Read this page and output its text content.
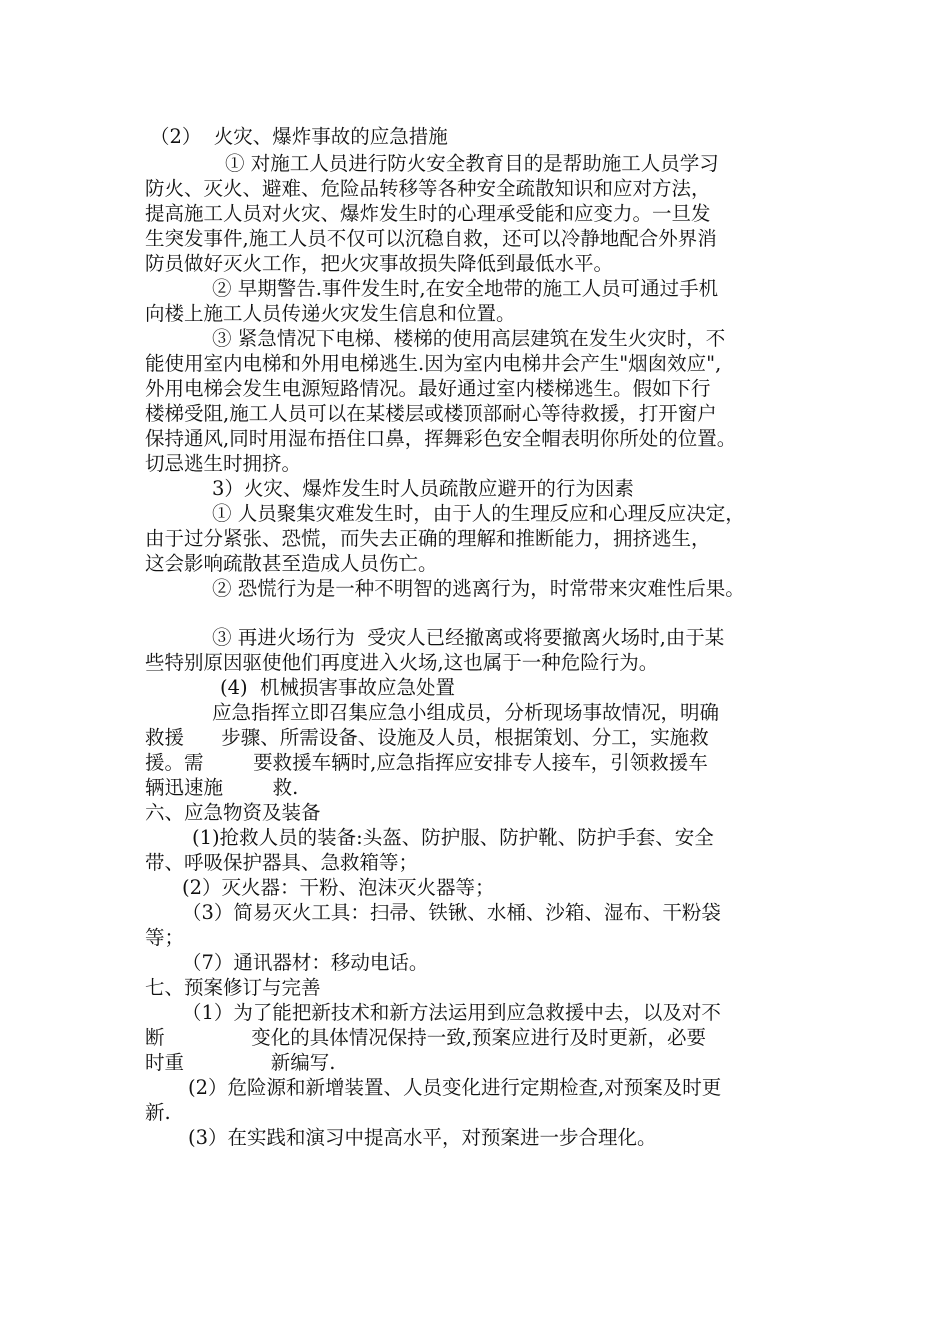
（2）  火灾、爆炸事故的应急措施
① 对施工人员进行防火安全教育目的是帮助施工人员学习
防火、灭火、避难、危险品转移等各种安全疏散知识和应对方法，
提高施工人员对火灾、爆炸发生时的心理承受能和应变力。一旦发
生突发事件,施工人员不仅可以沉稳自救，还可以冷静地配合外界消
防员做好灭火工作，把火灾事故损失降低到最低水平。
② 早期警告.事件发生时,在安全地带的施工人员可通过手机
向楼上施工人员传递火灾发生信息和位置。
③ 紧急情况下电梯、楼梯的使用高层建筑在发生火灾时，不
能使用室内电梯和外用电梯逃生.因为室内电梯井会产生"烟囱效应",
外用电梯会发生电源短路情况。最好通过室内楼梯逃生。假如下行
楼梯受阻,施工人员可以在某楼层或楼顶部耐心等待救援，打开窗户
保持通风,同时用湿布捂住口鼻，挥舞彩色安全帽表明你所处的位置。
切忌逃生时拥挤。
3）火灾、爆炸发生时人员疏散应避开的行为因素
① 人员聚集灾难发生时，由于人的生理反应和心理反应决定，
由于过分紧张、恐慌，而失去正确的理解和推断能力，拥挤逃生，
这会影响疏散甚至造成人员伤亡。
② 恐慌行为是一种不明智的逃离行为，时常带来灾难性后果。
③ 再进火场行为  受灾人已经撤离或将要撤离火场时,由于某
些特别原因驱使他们再度进入火场,这也属于一种危险行为。
(4)  机械损害事故应急处置
应急指挥立即召集应急小组成员，分析现场事故情况，明确
救援      步骤、所需设备、设施及人员，根据策划、分工，实施救
援。需        要救援车辆时,应急指挥应安排专人接车，引领救援车
辆迅速施        救.
六、应急物资及装备
(1)抢救人员的装备:头盔、防护服、防护靴、防护手套、安全
带、呼吸保护器具、急救箱等；
(2）灭火器：干粉、泡沫灭火器等；
（3）简易灭火工具：扫帚、铁锹、水桶、沙箱、湿布、干粉袋
等；
（7）通讯器材：移动电话。
七、预案修订与完善
（1）为了能把新技术和新方法运用到应急救援中去，以及对不
断              变化的具体情况保持一致,预案应进行及时更新，必要
时重              新编写.
(2）危险源和新增装置、人员变化进行定期检查,对预案及时更
新.
(3）在实践和演习中提高水平，对预案进一步合理化。
